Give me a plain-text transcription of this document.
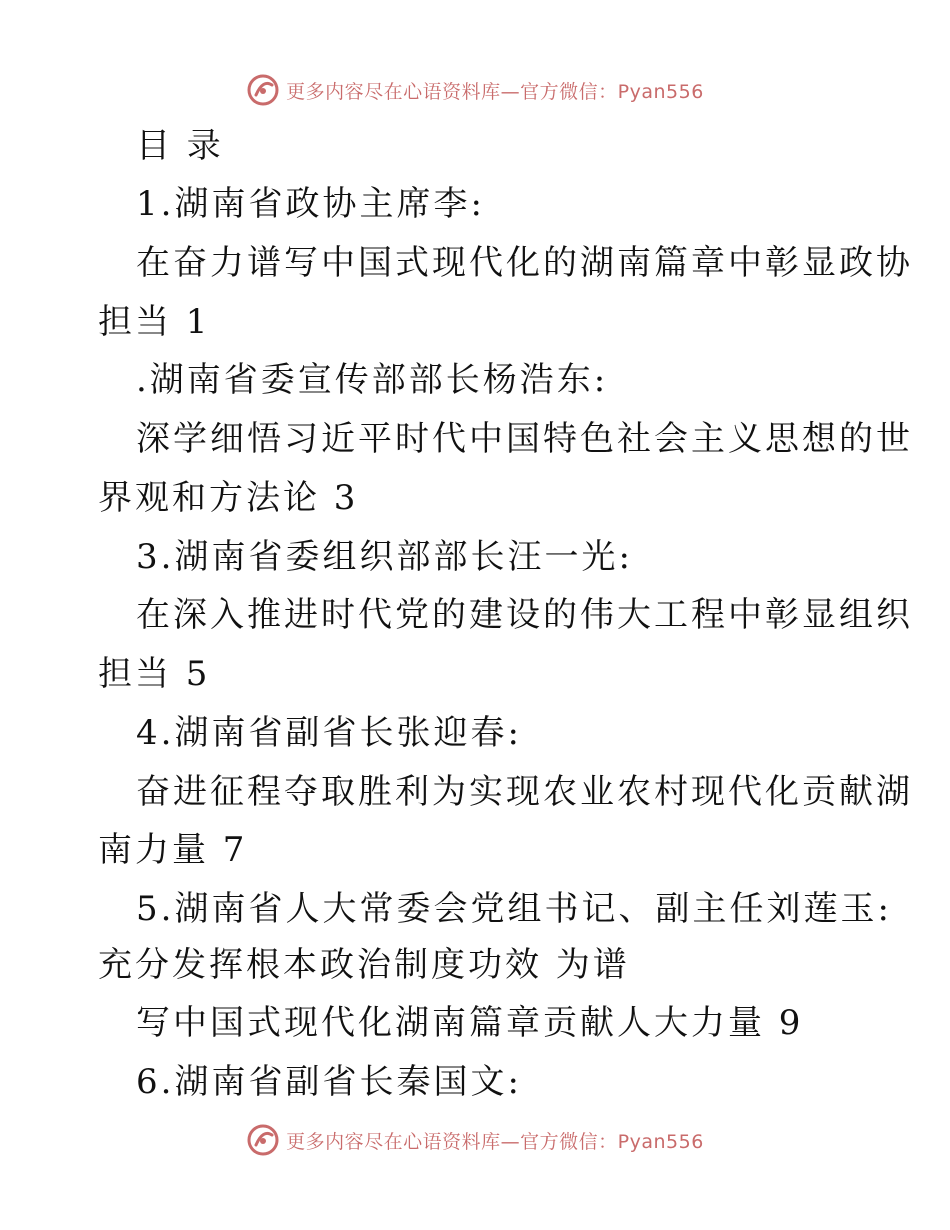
更多内容尽在心语资料库—官方微信：Pyan556
目 录
1.湖南省政协主席李:
在奋力谱写中国式现代化的湖南篇章中彰显政协
担当 1
.湖南省委宣传部部长杨浩东:
深学细悟习近平时代中国特色社会主义思想的世
界观和方法论 3
3.湖南省委组织部部长汪一光:
在深入推进时代党的建设的伟大工程中彰显组织
担当 5
4.湖南省副省长张迎春:
奋进征程夺取胜利为实现农业农村现代化贡献湖
南力量 7
5.湖南省人大常委会党组书记、副主任刘莲玉:
充分发挥根本政治制度功效 为谱
写中国式现代化湖南篇章贡献人大力量 9
6.湖南省副省长秦国文:
更多内容尽在心语资料库—官方微信：Pyan556
